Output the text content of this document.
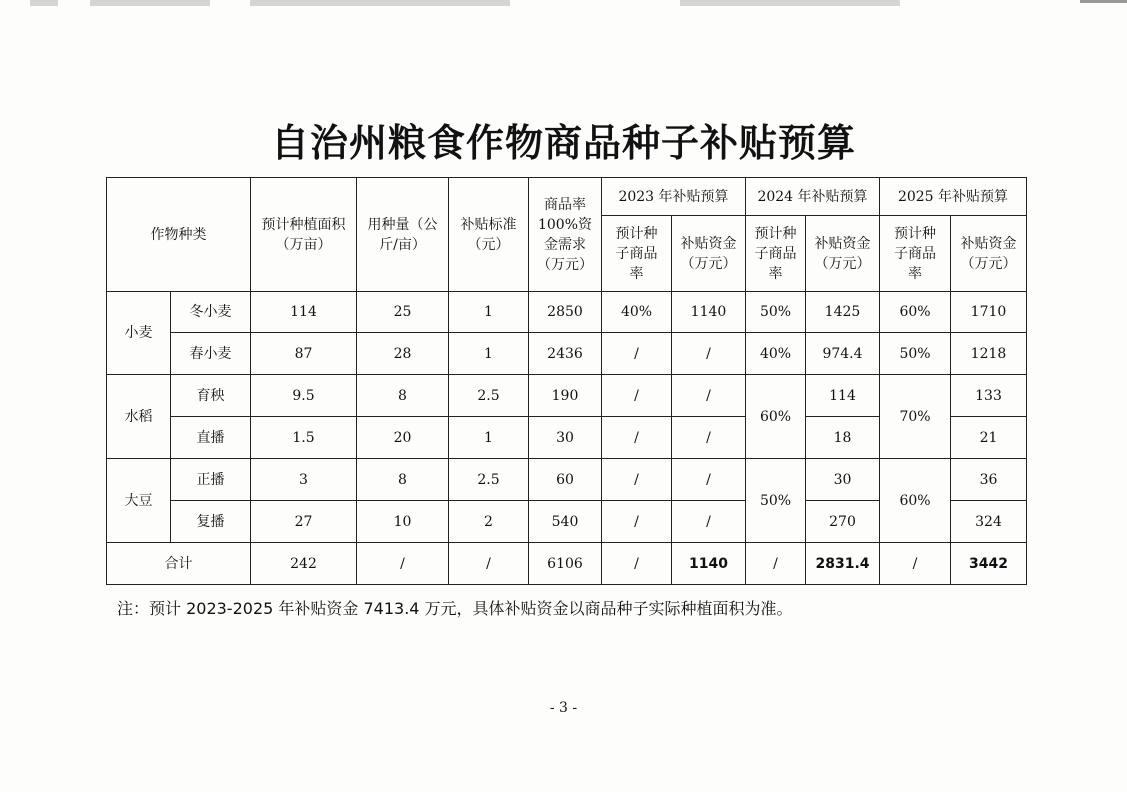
自治州粮食作物商品种子补贴预算
作物种类		预计种植面积（万亩）	用种量（公斤/亩）	补贴标准（元）	商品率100%资金需求（万元）	2023 年补贴预算		2024 年补贴预算		2025 年补贴预算	

						预计种子商品率	补贴资金（万元）	预计种子商品率	补贴资金（万元）	预计种子商品率	补贴资金（万元）

小麦	冬小麦	114	25	1	2850	40%	1140	50%	1425	60%	1710
	春小麦	87	28	1	2436	/	/	40%	974.4	50%	1218
水稻	育秧	9.5	8	2.5	190	/	/	60%	114	70%	133
	直播	1.5	20	1	30	/	/		18		21
大豆	正播	3	8	2.5	60	/	/	50%	30	60%	36
	复播	27	10	2	540	/	/		270		324
合计		242	/	/	6106	/	1140	/	2831.4	/	3442
注：预计 2023-2025 年补贴资金 7413.4 万元，具体补贴资金以商品种子实际种植面积为准。
- 3 -
